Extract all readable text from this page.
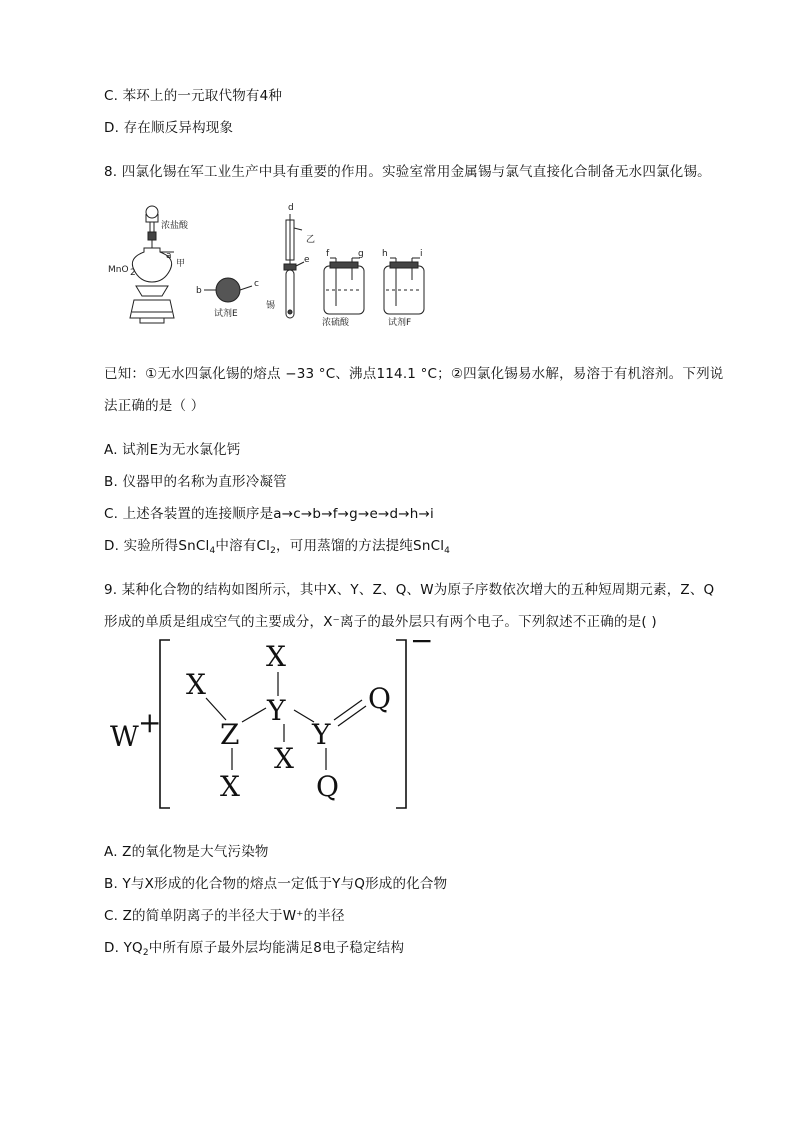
C. 苯环上的一元取代物有4种
D. 存在顺反异构现象
8. 四氯化锡在军工业生产中具有重要的作用。实验室常用金属锡与氯气直接化合制备无水四氯化锡。
浓盐酸
a
甲
MnO 2
b
c
试剂E
d
乙
e
锡
f	g
浓硫酸
h	i
试剂F
已知：①无水四氯化锡的熔点 −33 °C、沸点114.1 °C；②四氯化锡易水解，易溶于有机溶剂。下列说
法正确的是（ ）
A. 试剂E为无水氯化钙
B. 仪器甲的名称为直形冷凝管
C. 上述各装置的连接顺序是a→c→b→f→g→e→d→h→i
D. 实验所得SnCl$_4$中溶有$Cl_2$，可用蒸馏的方法提纯SnCl$_4$
9. 某种化合物的结构如图所示，其中X、Y、Z、Q、W为原子序数依次增大的五种短周期元素，Z、Q
形成的单质是组成空气的主要成分，X⁻离子的最外层只有两个电子。下列叙述不正确的是( )
W +
−
X
X
Y
Z
X
Y
Q
X	Q
A. Z的氧化物是大气污染物
B. Y与X形成的化合物的熔点一定低于Y与Q形成的化合物
C. Z的简单阴离子的半径大于W⁺的半径
D. $YQ_2$中所有原子最外层均能满足8电子稳定结构
